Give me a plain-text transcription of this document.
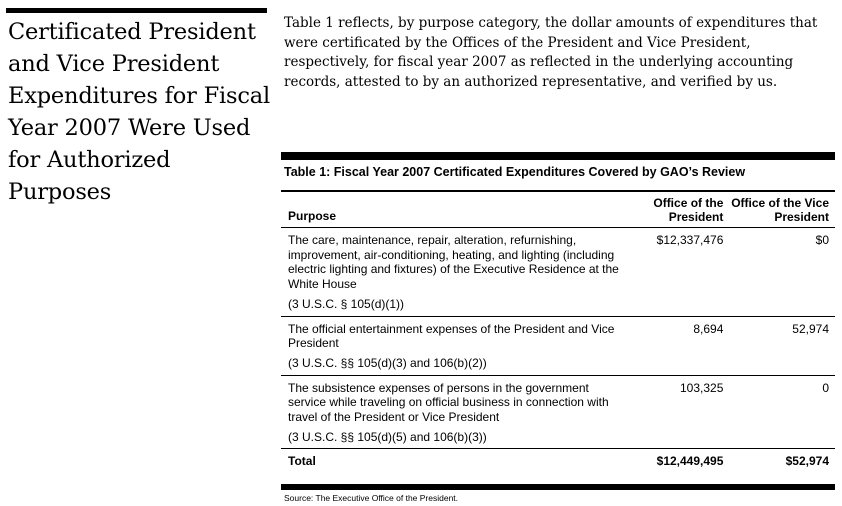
Certificated President and Vice President Expenditures for Fiscal Year 2007 Were Used for Authorized Purposes

Table 1 reflects, by purpose category, the dollar amounts of expenditures that were certificated by the Offices of the President and Vice President, respectively, for fiscal year 2007 as reflected in the underlying accounting records, attested to by an authorized representative, and verified by us.

Table 1: Fiscal Year 2007 Certificated Expenditures Covered by GAO’s Review

Purpose	Office of the President	Office of the Vice President
The care, maintenance, repair, alteration, refurnishing, improvement, air-conditioning, heating, and lighting (including electric lighting and fixtures) of the Executive Residence at the White House
(3 U.S.C. § 105(d)(1))	$12,337,476	$0
The official entertainment expenses of the President and Vice President
(3 U.S.C. §§ 105(d)(3) and 106(b)(2))	8,694	52,974
The subsistence expenses of persons in the government service while traveling on official business in connection with travel of the President or Vice President
(3 U.S.C. §§ 105(d)(5) and 106(b)(3))	103,325	0
Total	$12,449,495	$52,974

Source: The Executive Office of the President.
